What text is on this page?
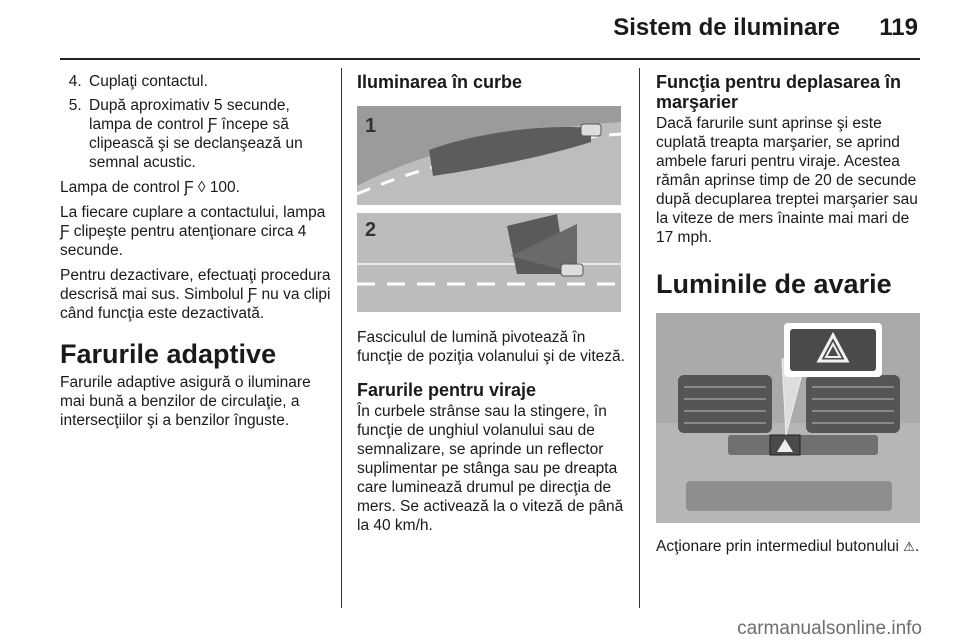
Sistem de iluminare 119
4. Cuplaţi contactul.
5. După aproximativ 5 secunde, lampa de control Ƒ începe să clipească şi se declanşează un semnal acustic.

Lampa de control Ƒ ◊ 100.

La fiecare cuplare a contactului, lampa Ƒ clipeşte pentru atenţionare circa 4 secunde.

Pentru dezactivare, efectuaţi procedura descrisă mai sus. Simbolul Ƒ nu va clipi când funcţia este dezactivată.

Farurile adaptive

Farurile adaptive asigură o iluminare mai bună a benzilor de circulaţie, a intersecţiilor şi a benzilor înguste.

Iluminarea în curbe
1
2

Fasciculul de lumină pivotează în funcţie de poziţia volanului şi de viteză.

Farurile pentru viraje

În curbele strânse sau la stingere, în funcţie de unghiul volanului sau de semnalizare, se aprinde un reflector suplimentar pe stânga sau pe dreapta care luminează drumul pe direcţia de mers. Se activează la o viteză de până la 40 km/h.

Funcţia pentru deplasarea în marşarier

Dacă farurile sunt aprinse şi este cuplată treapta marşarier, se aprind ambele faruri pentru viraje. Acestea rămân aprinse timp de 20 de secunde după decuplarea treptei marşarier sau la viteze de mers înainte mai mari de 17 mph.

Luminile de avarie

Acţionare prin intermediul butonului ⚠.

carmanualsonline.info
